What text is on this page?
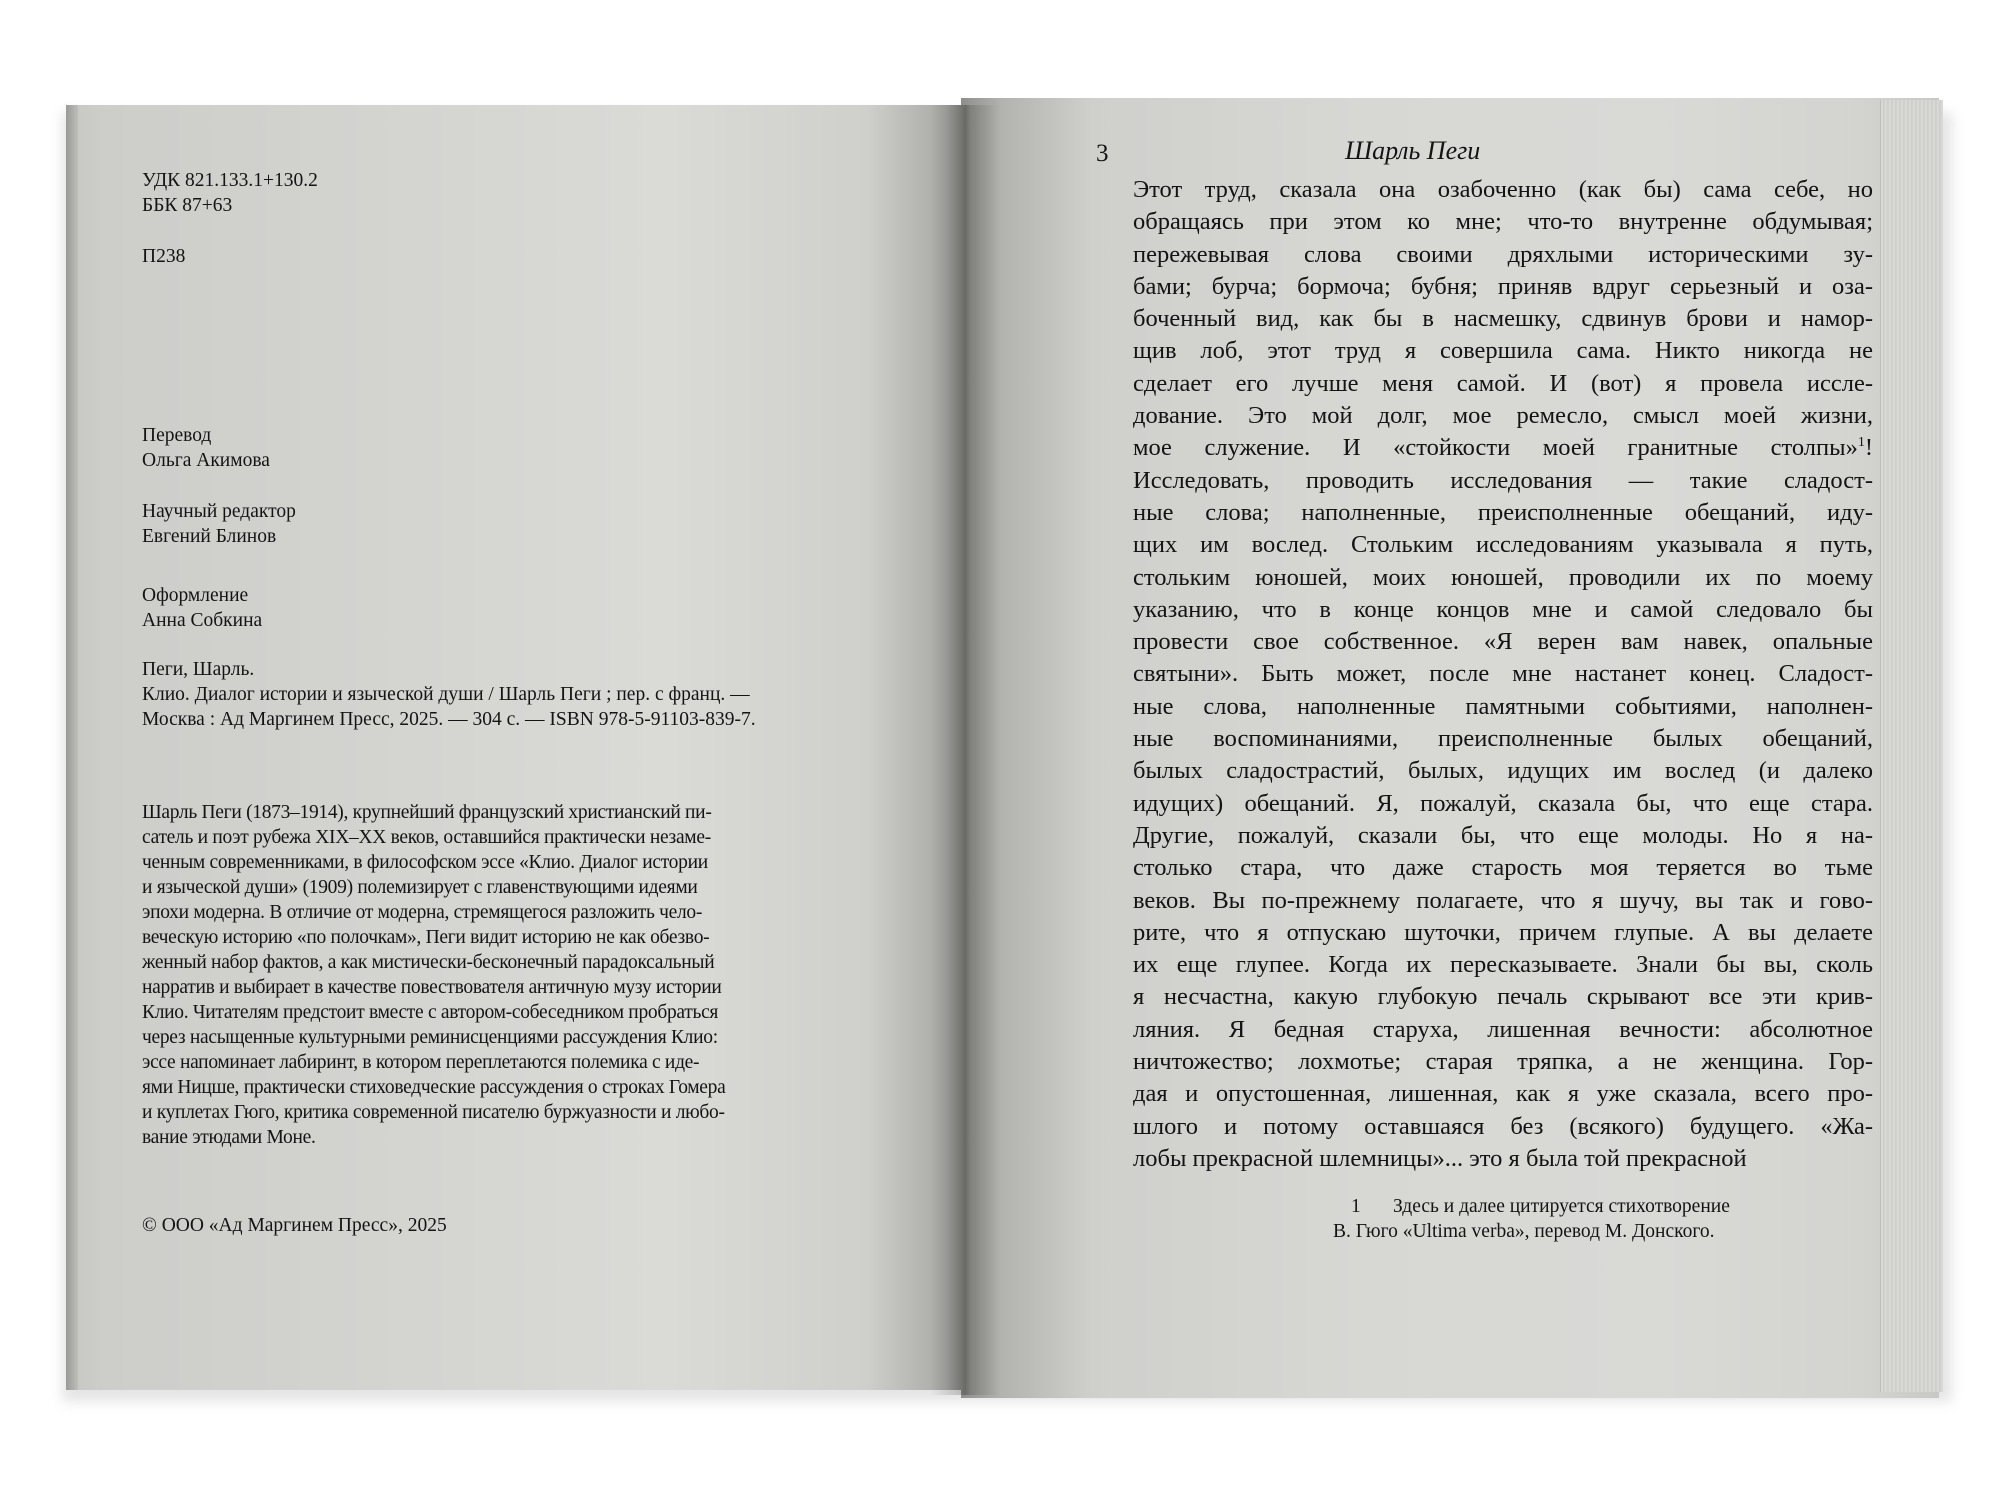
УДК 821.133.1+130.2
ББК 87+63
П238
Перевод
Ольга Акимова
Научный редактор
Евгений Блинов
Оформление
Анна Собкина
Пеги, Шарль.
Клио. Диалог истории и языческой души / Шарль Пеги ; пер. с франц. —
Москва : Ад Маргинем Пресс, 2025. — 304 с. — ISBN 978-5-91103-839-7.
Шарль Пеги (1873–1914), крупнейший французский христианский пи-
сатель и поэт рубежа XIX–XX веков, оставшийся практически незаме-
ченным современниками, в философском эссе «Клио. Диалог истории
и языческой души» (1909) полемизирует с главенствующими идеями
эпохи модерна. В отличие от модерна, стремящегося разложить чело-
веческую историю «по полочкам», Пеги видит историю не как обезво-
женный набор фактов, а как мистически-бесконечный парадоксальный
нарратив и выбирает в качестве повествователя античную музу истории
Клио. Читателям предстоит вместе с автором-собеседником пробраться
через насыщенные культурными реминисценциями рассуждения Клио:
эссе напоминает лабиринт, в котором переплетаются полемика с иде-
ями Ницше, практически стиховедческие рассуждения о строках Гомера
и куплетах Гюго, критика современной писателю буржуазности и любо-
вание этюдами Моне.
© ООО «Ад Маргинем Пресс», 2025
3	Шарль Пеги
Этот труд, сказала она озабоченно (как бы) сама себе, но
обращаясь при этом ко мне; что-то внутренне обдумывая;
пережевывая слова своими дряхлыми историческими зу-
бами; бурча; бормоча; бубня; приняв вдруг серьезный и оза-
боченный вид, как бы в насмешку, сдвинув брови и намор-
щив лоб, этот труд я совершила сама. Никто никогда не
сделает его лучше меня самой. И (вот) я провела иссле-
дование. Это мой долг, мое ремесло, смысл моей жизни,
мое служение. И «стойкости моей гранитные столпы»$^1$!
Исследовать, проводить исследования — такие сладост-
ные слова; наполненные, преисполненные обещаний, иду-
щих им вослед. Стольким исследованиям указывала я путь,
стольким юношей, моих юношей, проводили их по моему
указанию, что в конце концов мне и самой следовало бы
провести свое собственное. «Я верен вам навек, опальные
святыни». Быть может, после мне настанет конец. Сладост-
ные слова, наполненные памятными событиями, наполнен-
ные воспоминаниями, преисполненные былых обещаний,
былых сладострастий, былых, идущих им вослед (и далеко
идущих) обещаний. Я, пожалуй, сказала бы, что еще стара.
Другие, пожалуй, сказали бы, что еще молоды. Но я на-
столько стара, что даже старость моя теряется во тьме
веков. Вы по-прежнему полагаете, что я шучу, вы так и гово-
рите, что я отпускаю шуточки, причем глупые. А вы делаете
их еще глупее. Когда их пересказываете. Знали бы вы, сколь
я несчастна, какую глубокую печаль скрывают все эти крив-
ляния. Я бедная старуха, лишенная вечности: абсолютное
ничтожество; лохмотье; старая тряпка, а не женщина. Гор-
дая и опустошенная, лишенная, как я уже сказала, всего про-
шлого и потому оставшаяся без (всякого) будущего. «Жа-
лобы прекрасной шлемницы»... это я была той прекрасной
1 Здесь и далее цитируется стихотворение
В. Гюго «Ultima verba», перевод М. Донского.
